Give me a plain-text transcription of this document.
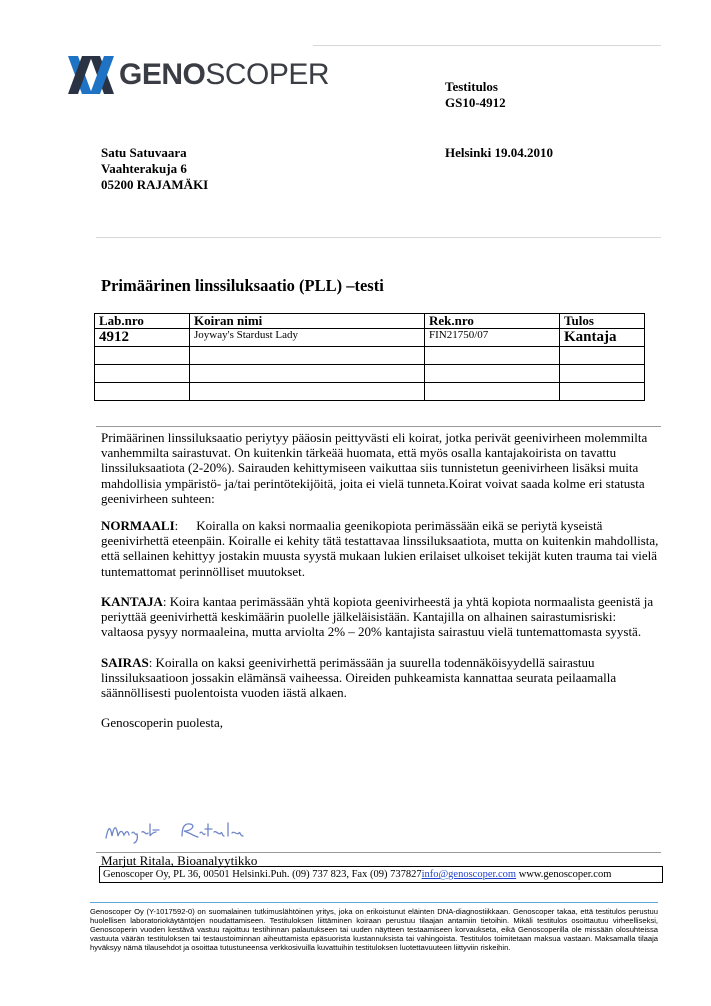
GENOSCOPER	Testitulos
GS10-4912
Helsinki 19.04.2010
Satu Satuvaara
Vaahterakuja 6
05200 RAJAMÄKI
Primäärinen linssiluksaatio (PLL) –testi
Lab.nro	Koiran nimi	Rek.nro	Tulos
4912	Joyway's Stardust Lady	FIN21750/07	Kantaja

Primäärinen linssiluksaatio periytyy pääosin peittyvästi eli koirat, jotka perivät geenivirheen molemmilta vanhemmilta sairastuvat. On kuitenkin tärkeää huomata, että myös osalla kantajakoirista on tavattu linssiluksaatiota (2-20%). Sairauden kehittymiseen vaikuttaa siis tunnistetun geenivirheen lisäksi muita mahdollisia ympäristö- ja/tai perintötekijöitä, joita ei vielä tunneta.Koirat voivat saada kolme eri statusta geenivirheen suhteen:

NORMAALI: Koiralla on kaksi normaalia geenikopiota perimässään eikä se periytä kyseistä geenivirhettä eteenpäin. Koiralle ei kehity tätä testattavaa linssiluksaatiota, mutta on kuitenkin mahdollista, että sellainen kehittyy jostakin muusta syystä mukaan lukien erilaiset ulkoiset tekijät kuten trauma tai vielä tuntemattomat perinnölliset muutokset.

KANTAJA: Koira kantaa perimässään yhtä kopiota geenivirheestä ja yhtä kopiota normaalista geenistä ja periyttää geenivirhettä keskimäärin puolelle jälkeläisistään. Kantajilla on alhainen sairastumisriski: valtaosa pysyy normaaleina, mutta arviolta 2% – 20% kantajista sairastuu vielä tuntemattomasta syystä.

SAIRAS: Koiralla on kaksi geenivirhettä perimässään ja suurella todennäköisyydellä sairastuu linssiluksaatioon jossakin elämänsä vaiheessa. Oireiden puhkeamista kannattaa seurata peilaamalla säännöllisesti puolentoista vuoden iästä alkaen.

Genoscoperin puolesta,
Marjut Ritala, Bioanalyytikko
Genoscoper Oy, PL 36, 00501 Helsinki.Puh. (09) 737 823, Fax (09) 737827info@genoscoper.com www.genoscoper.com
Genoscoper Oy (Y-1017592-0) on suomalainen tutkimuslähtöinen yritys, joka on erikoistunut eläinten DNA-diagnostiikkaan. Genoscoper takaa, että testitulos perustuu huolellisen laboratoriokäytäntöjen noudattamiseen. Testituloksen liittäminen koiraan perustuu tilaajan antamiin tietoihin. Mikäli testitulos osoittautuu virheelliseksi, Genoscoperin vuoden kestävä vastuu rajoittuu testihinnan palautukseen tai uuden näytteen testaamiseen korvaukseta, eikä Genoscoperilla ole missään olosuhteissa vastuuta väärän testituloksen tai testaustoiminnan aiheuttamista epäsuorista kustannuksista tai vahingoista. Testitulos toimitetaan maksua vastaan. Maksamalla tilaaja hyväksyy nämä tilausehdot ja osoittaa tutustuneensa verkkosivuilla kuvattuihin testituloksen luotettavuuteen liittyviin riskeihin.
